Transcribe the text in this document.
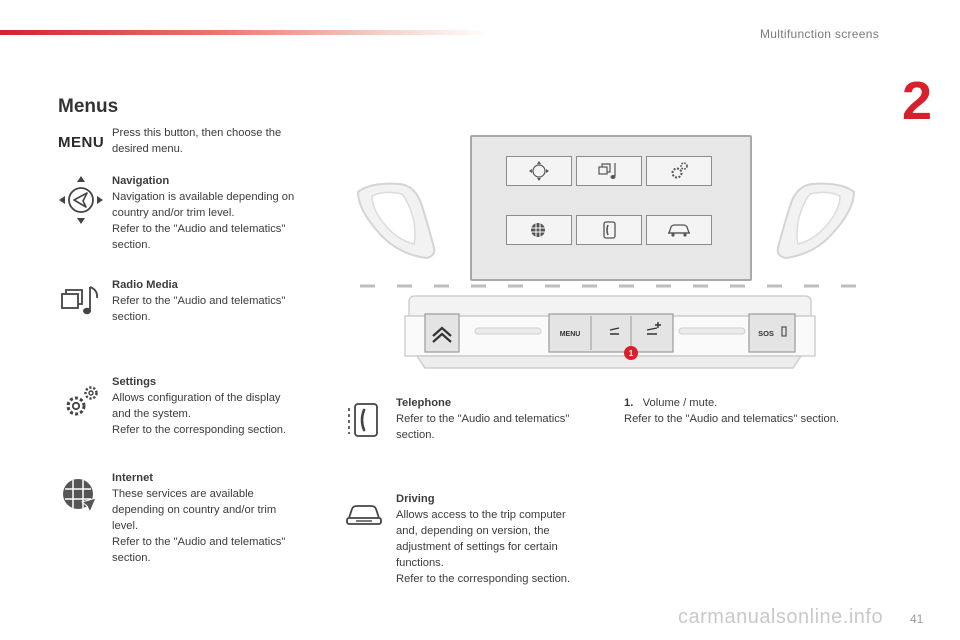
Multifunction screens
2
Menus
MENU
Press this button, then choose the
desired menu.
Navigation
Navigation is available depending on
country and/or trim level.
Refer to the "Audio and telematics"
section.
Radio Media
Refer to the "Audio and telematics"
section.
Settings
Allows configuration of the display
and the system.
Refer to the corresponding section.
Internet
These services are available
depending on country and/or trim
level.
Refer to the "Audio and telematics"
section.
MENU	SOS
1
Telephone
Refer to the "Audio and telematics"
section.
Driving
Allows access to the trip computer
and, depending on version, the
adjustment of settings for certain
functions.
Refer to the corresponding section.
1. Volume / mute.
Refer to the "Audio and telematics" section.
carmanualsonline.info 41
